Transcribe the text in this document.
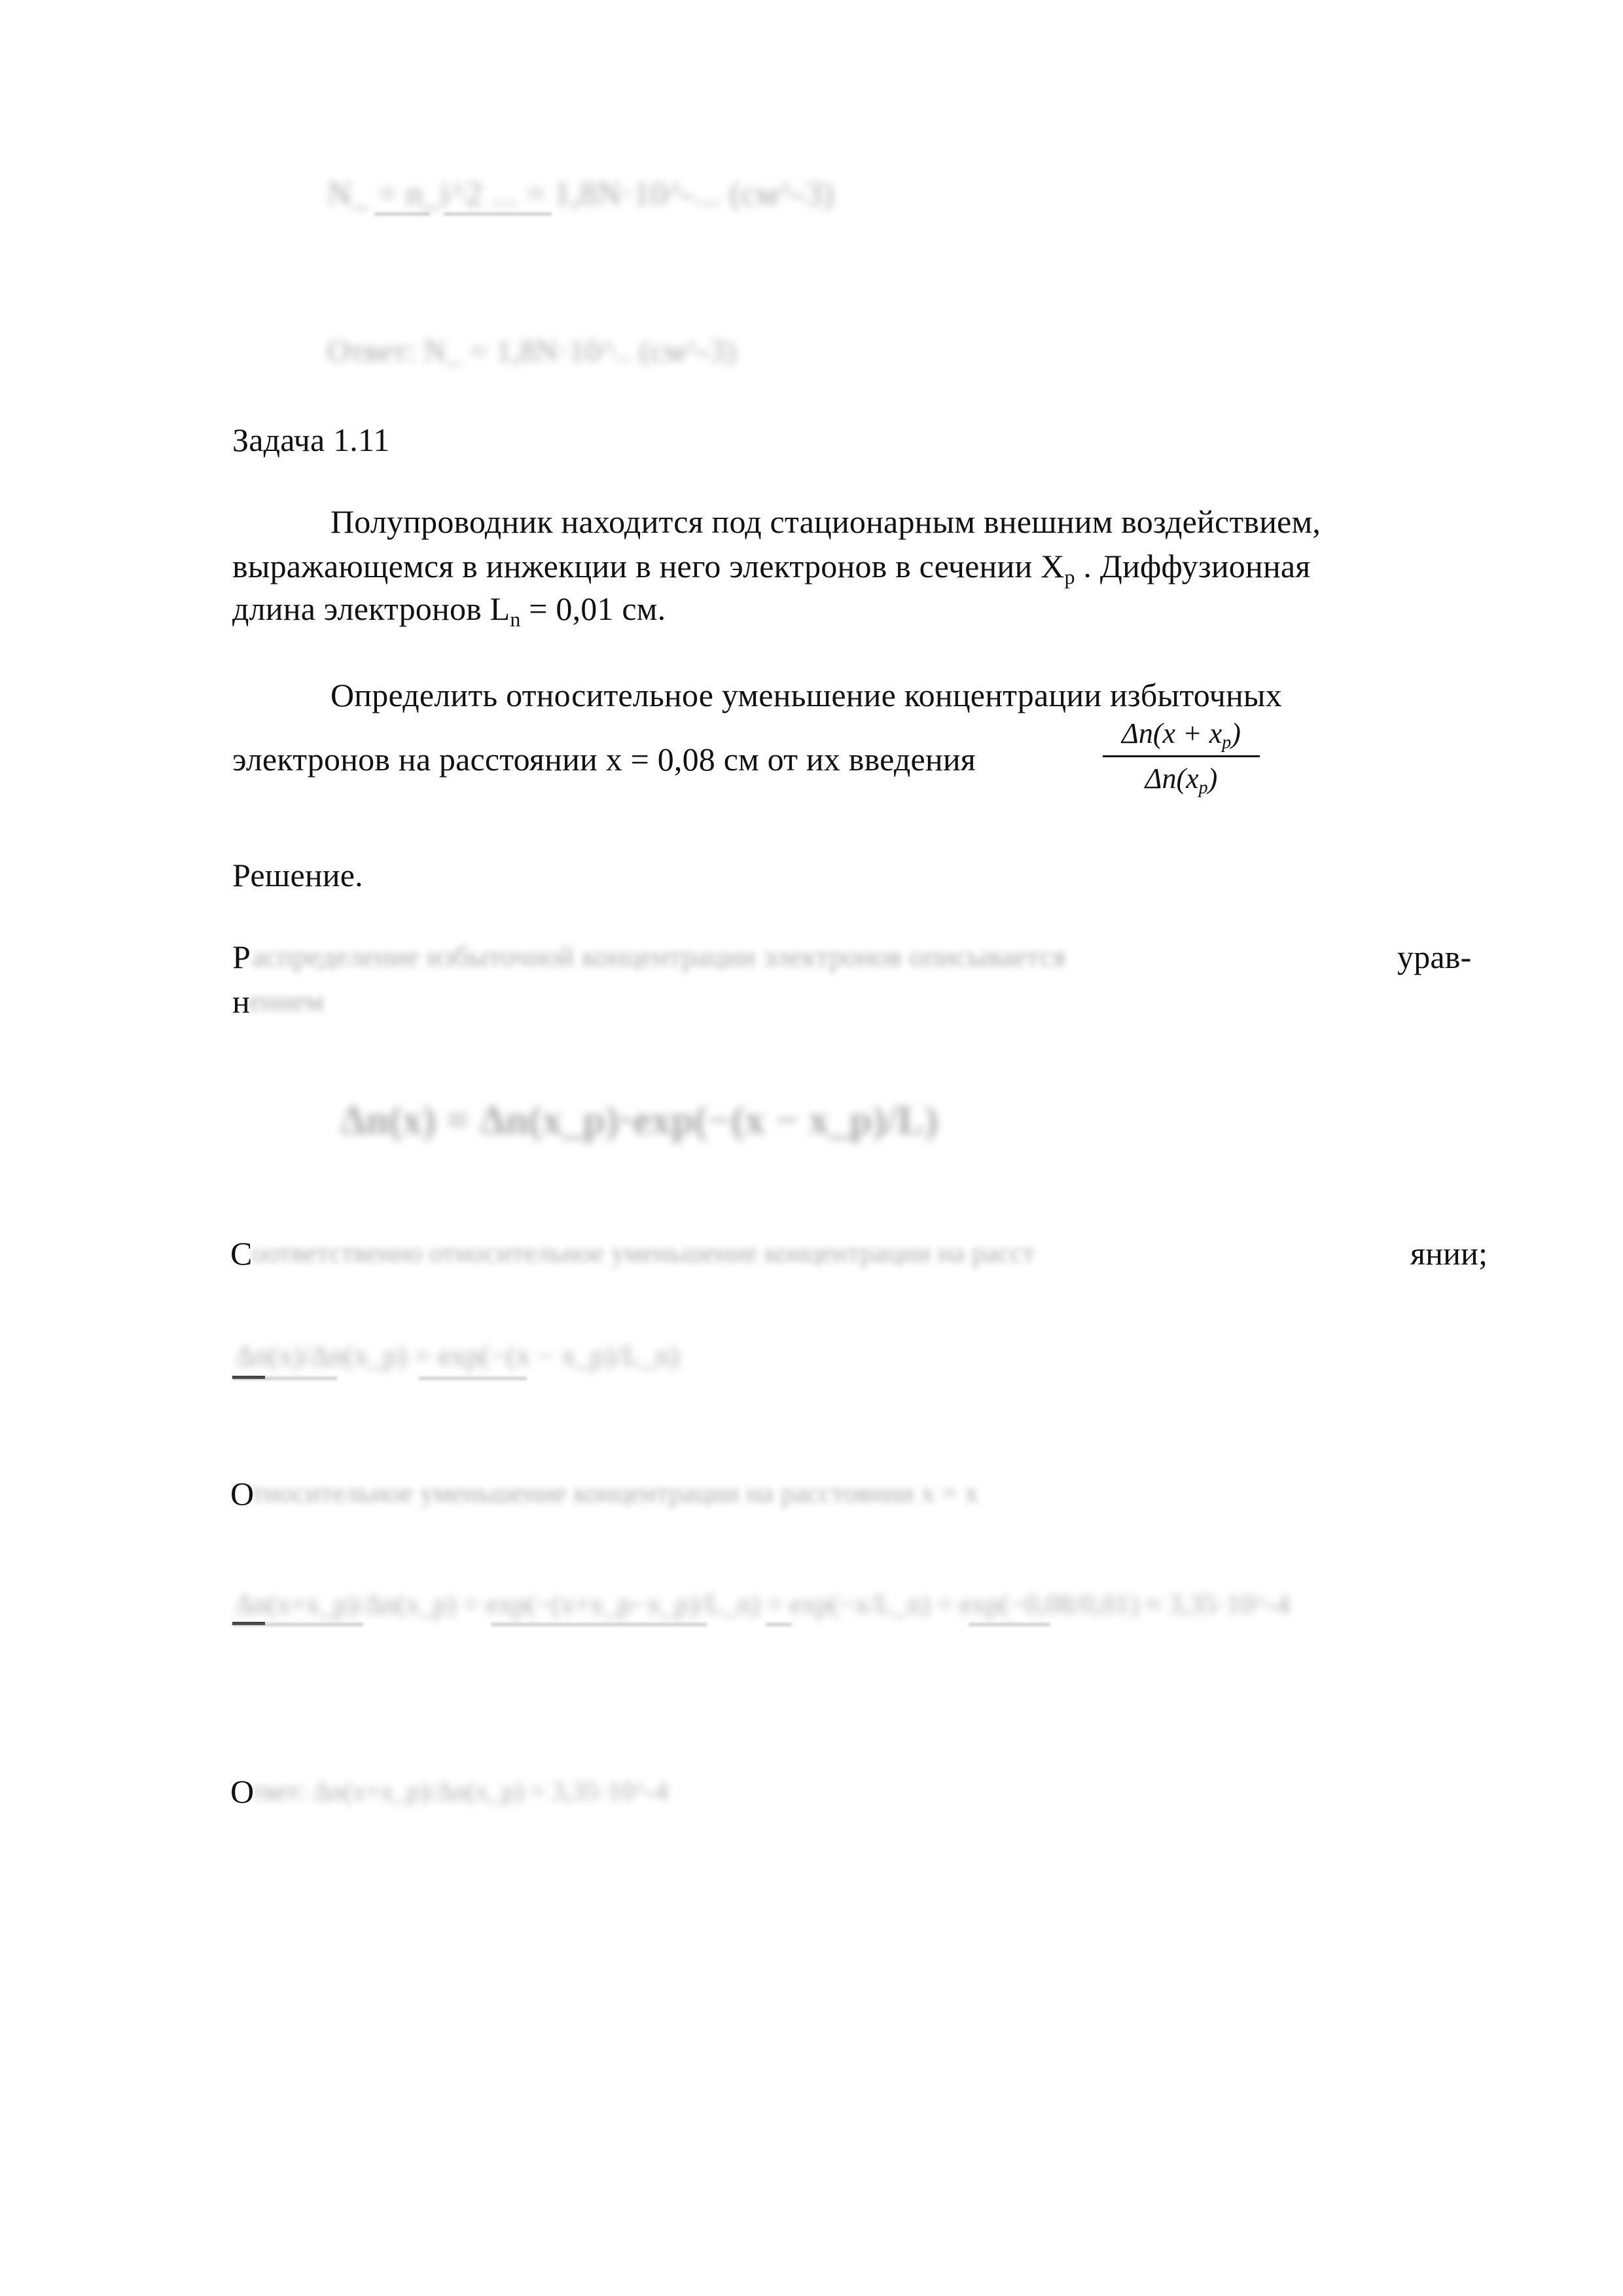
N_ = n_i^2 ... = 1,8N·10^-... (см^-3)
Ответ: N_ = 1,8N·10^.. (см^-3)
Задача 1.11
Полупроводник находится под стационарным внешним воздействием,
выражающемся в инжекции в него электронов в сечении $X_p$ . Диффузионная
длина электронов $L_n = 0,01$ см.
Определить относительное уменьшение концентрации избыточных
электронов на расстоянии x = 0,08 см от их введения
$\Delta n(x + x_p)$
$\Delta n(x_p)$
Решение.
Р аспределение избыточной концентрации электронов описывается	урав-
н
ением
Δn(x) = Δn(x_p)·exp(−(x − x_p)/L)
С оответственно относительное уменьшение концентрации на расст	янии;
Δn(x)/Δn(x_p) = exp(−(x − x_p)/L_n)
О
тносительное уменьшение концентрации на расстоянии x = x
Δn(x+x_p)/Δn(x_p) = exp(−(x+x_p−x_p)/L_n) = exp(−x/L_n) = exp(−0,08/0,01) ≈ 3,35·10^-4
О
твет: Δn(x+x_p)/Δn(x_p) = 3,35·10^-4
